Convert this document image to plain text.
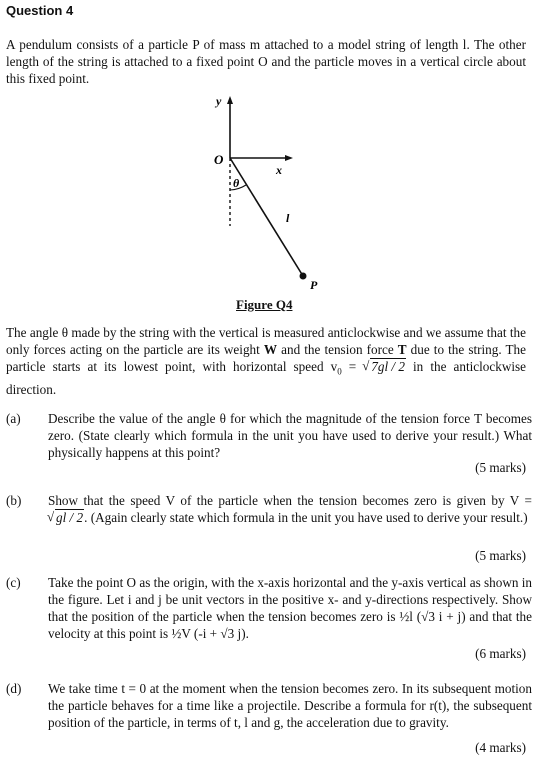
Question 4
A pendulum consists of a particle P of mass m attached to a model string of length l. The other length of the string is attached to a fixed point O and the particle moves in a vertical circle about this fixed point.
y
O
x
θ
l
P
Figure Q4
The angle θ made by the string with the vertical is measured anticlockwise and we assume that the only forces acting on the particle are its weight W and the tension force T due to the string. The particle starts at its lowest point, with horizontal speed $v_0$ = √ 7gl / 2 in the anticlockwise direction.
(a) Describe the value of the angle θ for which the magnitude of the tension force T becomes zero. (State clearly which formula in the unit you have used to derive your result.) What physically happens at this point?
(5 marks)
(b) Show that the speed V of the particle when the tension becomes zero is given by V = √ gl / 2. (Again clearly state which formula in the unit you have used to derive your result.)
(5 marks)
(c) Take the point O as the origin, with the x-axis horizontal and the y-axis vertical as shown in the figure. Let i and j be unit vectors in the positive x- and y-directions respectively. Show that the position of the particle when the tension becomes zero is ½l (√3 i + j) and that the velocity at this point is ½V (-i + √3 j).
(6 marks)
(d) We take time t = 0 at the moment when the tension becomes zero. In its subsequent motion the particle behaves for a time like a projectile. Describe a formula for r(t), the subsequent position of the particle, in terms of t, l and g, the acceleration due to gravity.
(4 marks)
